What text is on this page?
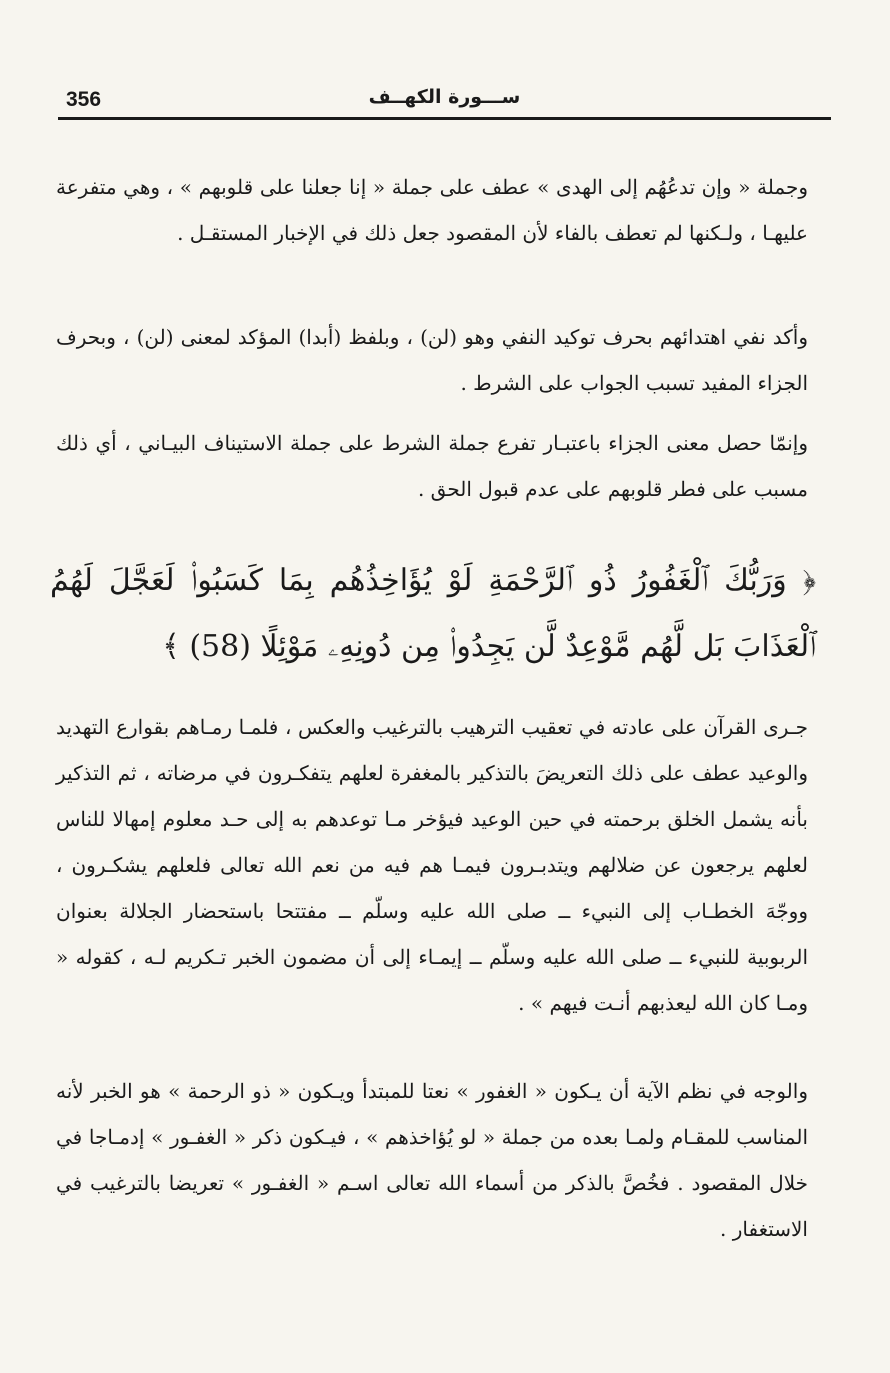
356	ســـورة الكهــف

وجملة « وإن تدعُهُم إلى الهدى » عطف على جملة « إنا جعلنا على قلوبهم » ، وهي متفرعة عليهـا ، ولـكنها لم تعطف بالفاء لأن المقصود جعل ذلك في الإخبار المستقـل .

وأكد نفي اهتدائهم بحرف توكيد النفي وهو (لن) ، وبلفظ (أبدا) المؤكد لمعنى (لن) ، وبحرف الجزاء المفيد تسبب الجواب على الشرط .

وإنمّا حصل معنى الجزاء باعتبـار تفرع جملة الشرط على جملة الاستيناف البيـاني ، أي ذلك مسبب على فطر قلوبهم على عدم قبول الحق .

﴿ وَرَبُّكَ ٱلْغَفُورُ ذُو ٱلرَّحْمَةِ لَوْ يُؤَاخِذُهُم بِمَا كَسَبُوا۟ لَعَجَّلَ لَهُمُ ٱلْعَذَابَ بَل لَّهُم مَّوْعِدٌ لَّن يَجِدُوا۟ مِن دُونِهِۦ مَوْئِلًا (58) ﴾

جـرى القرآن على عادته في تعقيب الترهيب بالترغيب والعكس ، فلمـا رمـاهم بقوارع التهديد والوعيد عطف على ذلك التعريضَ بالتذكير بالمغفرة لعلهم يتفكـرون في مرضاته ، ثم التذكير بأنه يشمل الخلق برحمته في حين الوعيد فيؤخر مـا توعدهم به إلى حـد معلوم إمهالا للناس لعلهم يرجعون عن ضلالهم ويتدبـرون فيمـا هم فيه من نعم الله تعالى فلعلهم يشكـرون ، ووجّهَ الخطـاب إلى النبيء ــ صلى الله عليه وسلّم ــ مفتتحا باستحضار الجلالة بعنوان الربوبية للنبيء ــ صلى الله عليه وسلّم ــ إيمـاء إلى أن مضمون الخبر تـكريم لـه ، كقوله « ومـا كان الله ليعذبهم أنـت فيهم » .

والوجه في نظم الآية أن يـكون « الغفور » نعتا للمبتدأ ويـكون « ذو الرحمة » هو الخبر لأنه المناسب للمقـام ولمـا بعده من جملة « لو يُؤاخذهم » ، فيـكون ذكر « الغفـور » إدمـاجا في خلال المقصود . فخُصَّ بالذكر من أسماء الله تعالى اسـم « الغفـور » تعريضا بالترغيب في الاستغفار .
